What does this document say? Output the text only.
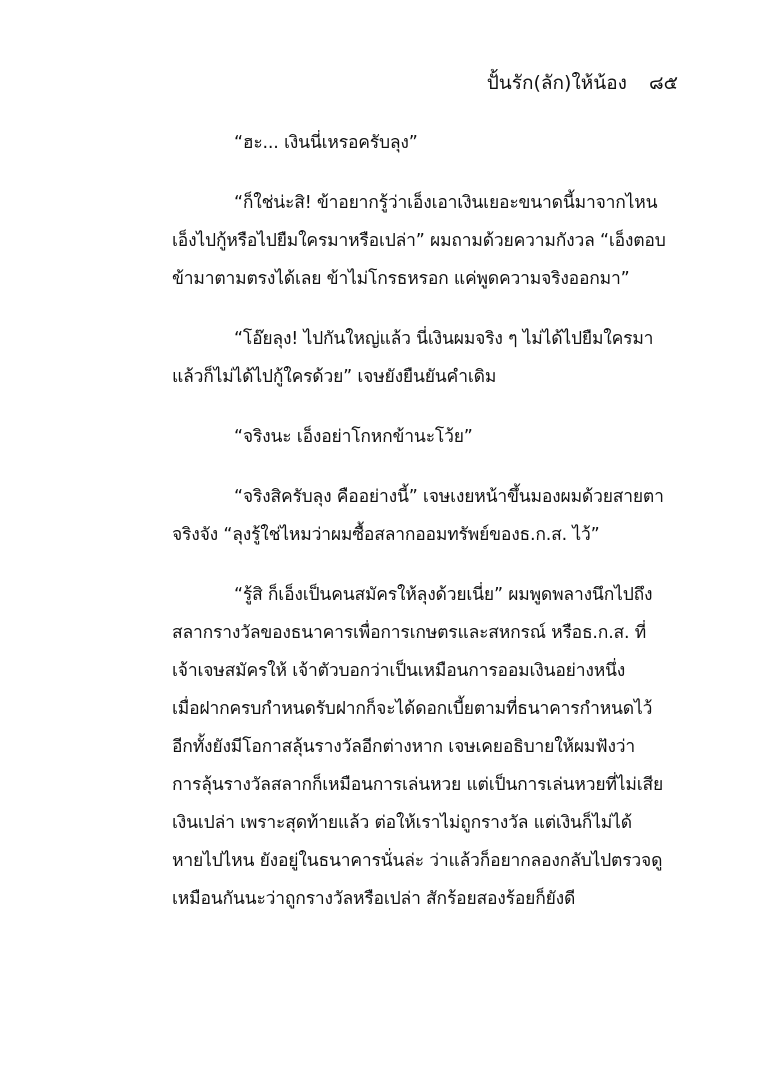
ปั้นรัก(ลัก)ให้น้อง ๘๕
“ฮะ... เงินนี่เหรอครับลุง”
“ก็ใช่น่ะสิ! ข้าอยากรู้ว่าเอ็งเอาเงินเยอะขนาดนี้มาจากไหน
เอ็งไปกู้หรือไปยืมใครมาหรือเปล่า” ผมถามด้วยความกังวล “เอ็งตอบ
ข้ามาตามตรงได้เลย ข้าไม่โกรธหรอก แค่พูดความจริงออกมา”
“โอ๊ยลุง! ไปกันใหญ่แล้ว นี่เงินผมจริง ๆ ไม่ได้ไปยืมใครมา
แล้วก็ไม่ได้ไปกู้ใครด้วย” เจษยังยืนยันคำเดิม
“จริงนะ เอ็งอย่าโกหกข้านะโว้ย”
“จริงสิครับลุง คืออย่างนี้” เจษเงยหน้าขึ้นมองผมด้วยสายตา
จริงจัง “ลุงรู้ใช่ไหมว่าผมซื้อสลากออมทรัพย์ของธ.ก.ส. ไว้”
“รู้สิ ก็เอ็งเป็นคนสมัครให้ลุงด้วยเนี่ย” ผมพูดพลางนึกไปถึง
สลากรางวัลของธนาคารเพื่อการเกษตรและสหกรณ์ หรือธ.ก.ส. ที่
เจ้าเจษสมัครให้ เจ้าตัวบอกว่าเป็นเหมือนการออมเงินอย่างหนึ่ง
เมื่อฝากครบกำหนดรับฝากก็จะได้ดอกเบี้ยตามที่ธนาคารกำหนดไว้
อีกทั้งยังมีโอกาสลุ้นรางวัลอีกต่างหาก เจษเคยอธิบายให้ผมฟังว่า
การลุ้นรางวัลสลากก็เหมือนการเล่นหวย แต่เป็นการเล่นหวยที่ไม่เสีย
เงินเปล่า เพราะสุดท้ายแล้ว ต่อให้เราไม่ถูกรางวัล แต่เงินก็ไม่ได้
หายไปไหน ยังอยู่ในธนาคารนั่นล่ะ ว่าแล้วก็อยากลองกลับไปตรวจดู
เหมือนกันนะว่าถูกรางวัลหรือเปล่า สักร้อยสองร้อยก็ยังดี
